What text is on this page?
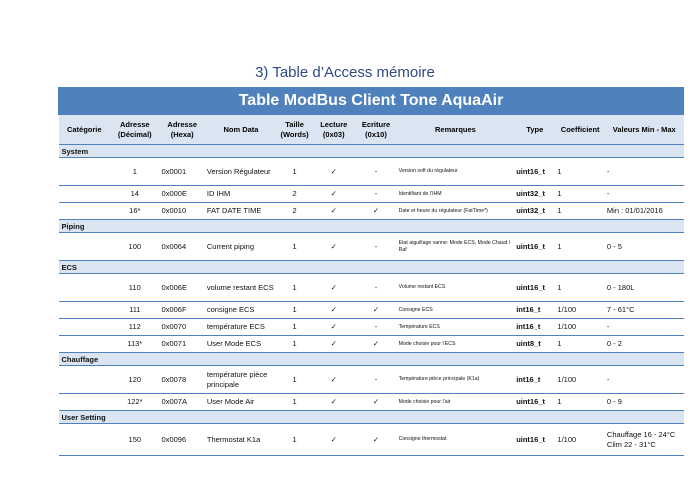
3) Table d’Access mémoire
Table ModBus Client Tone AquaAir										
Catégorie	Adresse (Décimal)	Adresse (Hexa)	Nom Data	Taille (Words)	Lecture (0x03)	Ecriture (0x10)	Remarques	Type	Coefficient	Valeurs Min - Max
System										
	1	0x0001	Version Régulateur	1	✓	-	Version soft du régulateur	uint16_t	1	-
	14	0x000E	ID IHM	2	✓	-	Identifiant de l’IHM	uint32_t	1	-
	16*	0x0010	FAT DATE TIME	2	✓	✓	Date et heure du régulateur (FatTime*)	uint32_t	1	Min : 01/01/2016
Piping										
	100	0x0064	Current piping	1	✓	-	Etat aiguillage vanne: Mode ECS, Mode Chaud / Raf	uint16_t	1	0 - 5
ECS										
	110	0x006E	volume restant ECS	1	✓	-	Volume restant ECS	uint16_t	1	0 - 180L
	111	0x006F	consigne ECS	1	✓	✓	Consigne ECS	int16_t	1/100	7 - 61°C
	112	0x0070	température ECS	1	✓	-	Température ECS	int16_t	1/100	-
	113*	0x0071	User Mode ECS	1	✓	✓	Mode choisie pour l’ECS	uint8_t	1	0 - 2
Chauffage										
	120	0x0078	température pièce principale	1	✓	-	Température pièce principale (K1a)	int16_t	1/100	-
	122*	0x007A	User Mode Air	1	✓	✓	Mode choisie pour l’air	uint16_t	1	0 - 9
User Setting										
	150	0x0096	Thermostat K1a	1	✓	✓	Consigne thermostat	uint16_t	1/100	Chauffage 16 - 24°C
Clim 22 - 31°C
